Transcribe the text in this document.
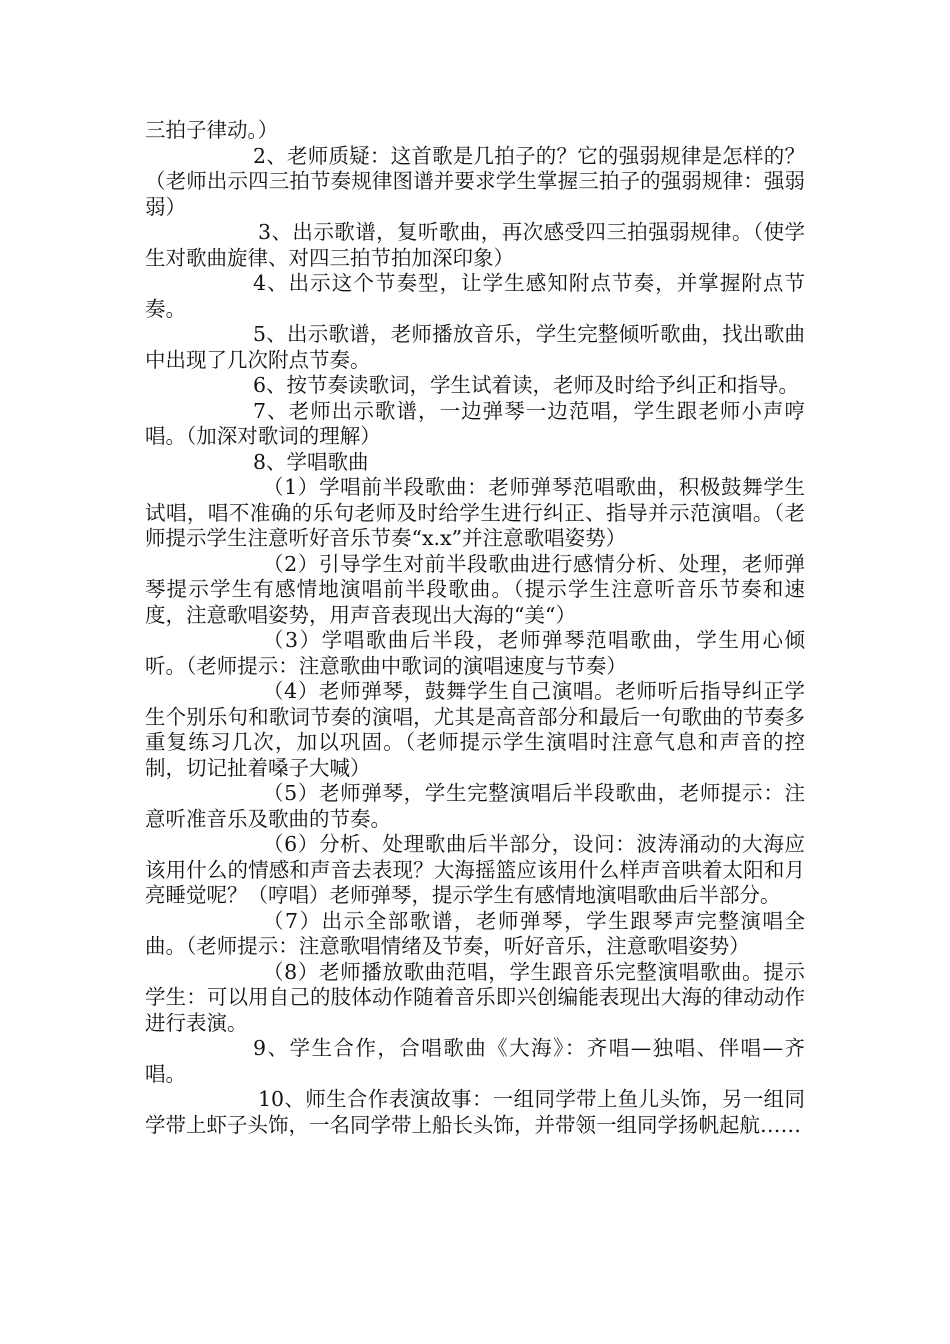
三拍子律动。）

2、老师质疑：这首歌是几拍子的？它的强弱规律是怎样的？（老师出示四三拍节奏规律图谱并要求学生掌握三拍子的强弱规律：强弱弱）

3、出示歌谱，复听歌曲，再次感受四三拍强弱规律。（使学生对歌曲旋律、对四三拍节拍加深印象）

4、出示这个节奏型，让学生感知附点节奏，并掌握附点节奏。

5、出示歌谱，老师播放音乐，学生完整倾听歌曲，找出歌曲中出现了几次附点节奏。

6、按节奏读歌词，学生试着读，老师及时给予纠正和指导。

7、老师出示歌谱，一边弹琴一边范唱，学生跟老师小声哼唱。（加深对歌词的理解）

8、学唱歌曲

（1）学唱前半段歌曲：老师弹琴范唱歌曲，积极鼓舞学生试唱，唱不准确的乐句老师及时给学生进行纠正、指导并示范演唱。（老师提示学生注意听好音乐节奏“x.x”并注意歌唱姿势）

（2）引导学生对前半段歌曲进行感情分析、处理，老师弹琴提示学生有感情地演唱前半段歌曲。（提示学生注意听音乐节奏和速度，注意歌唱姿势，用声音表现出大海的“美“）

（3）学唱歌曲后半段，老师弹琴范唱歌曲，学生用心倾听。（老师提示：注意歌曲中歌词的演唱速度与节奏）

（4）老师弹琴，鼓舞学生自己演唱。老师听后指导纠正学生个别乐句和歌词节奏的演唱，尤其是高音部分和最后一句歌曲的节奏多重复练习几次，加以巩固。（老师提示学生演唱时注意气息和声音的控制，切记扯着嗓子大喊）

（5）老师弹琴，学生完整演唱后半段歌曲，老师提示：注意听准音乐及歌曲的节奏。

（6）分析、处理歌曲后半部分，设问：波涛涌动的大海应该用什么的情感和声音去表现？大海摇篮应该用什么样声音哄着太阳和月亮睡觉呢？（哼唱）老师弹琴，提示学生有感情地演唱歌曲后半部分。

（7）出示全部歌谱，老师弹琴，学生跟琴声完整演唱全曲。（老师提示：注意歌唱情绪及节奏，听好音乐，注意歌唱姿势）

（8）老师播放歌曲范唱，学生跟音乐完整演唱歌曲。提示学生：可以用自己的肢体动作随着音乐即兴创编能表现出大海的律动动作进行表演。

9、学生合作，合唱歌曲《大海》：齐唱—独唱、伴唱—齐唱。

10、师生合作表演故事：一组同学带上鱼儿头饰，另一组同学带上虾子头饰，一名同学带上船长头饰，并带领一组同学扬帆起航……
